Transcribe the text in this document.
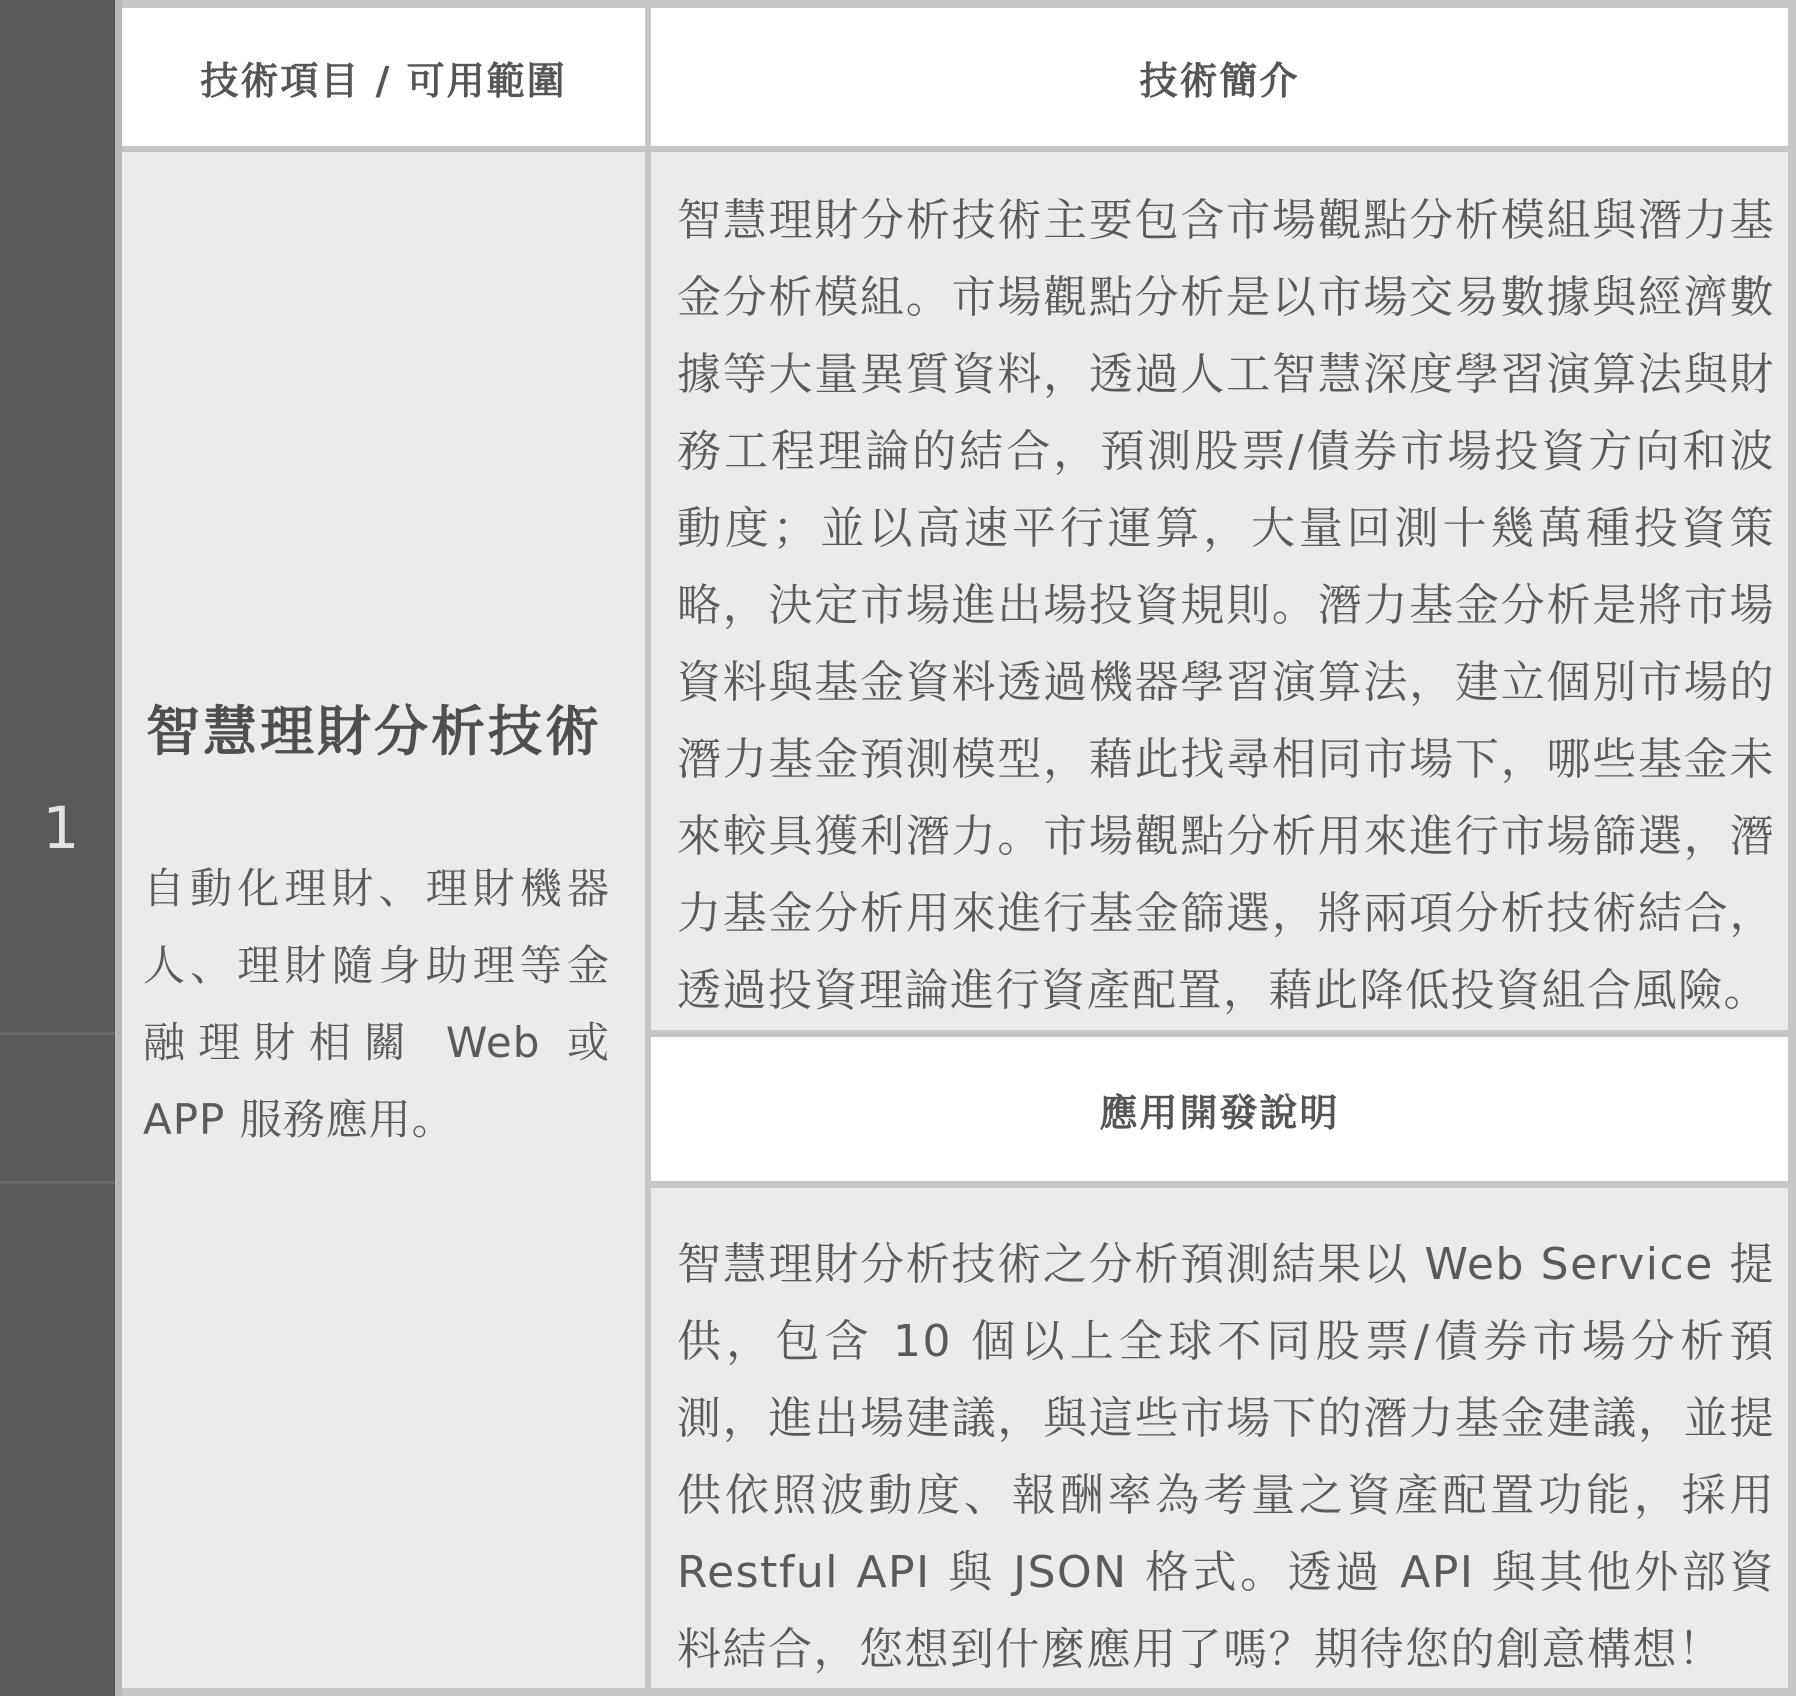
1
技術項目 / 可用範圍	技術簡介
智慧理財分析技術
自動化理財、理財機器人、理財隨身助理等金融理財相關 Web 或 APP 服務應用。
智慧理財分析技術主要包含市場觀點分析模組與潛力基金分析模組。市場觀點分析是以市場交易數據與經濟數據等大量異質資料，透過人工智慧深度學習演算法與財務工程理論的結合，預測股票/債券市場投資方向和波動度；並以高速平行運算，大量回測十幾萬種投資策略，決定市場進出場投資規則。潛力基金分析是將市場資料與基金資料透過機器學習演算法，建立個別市場的潛力基金預測模型，藉此找尋相同市場下，哪些基金未來較具獲利潛力。市場觀點分析用來進行市場篩選，潛力基金分析用來進行基金篩選，將兩項分析技術結合，透過投資理論進行資產配置，藉此降低投資組合風險。
應用開發說明
智慧理財分析技術之分析預測結果以 Web Service 提供，包含 10 個以上全球不同股票/債券市場分析預測，進出場建議，與這些市場下的潛力基金建議，並提供依照波動度、報酬率為考量之資產配置功能，採用 Restful API 與 JSON 格式。透過 API 與其他外部資料結合，您想到什麼應用了嗎？期待您的創意構想！
